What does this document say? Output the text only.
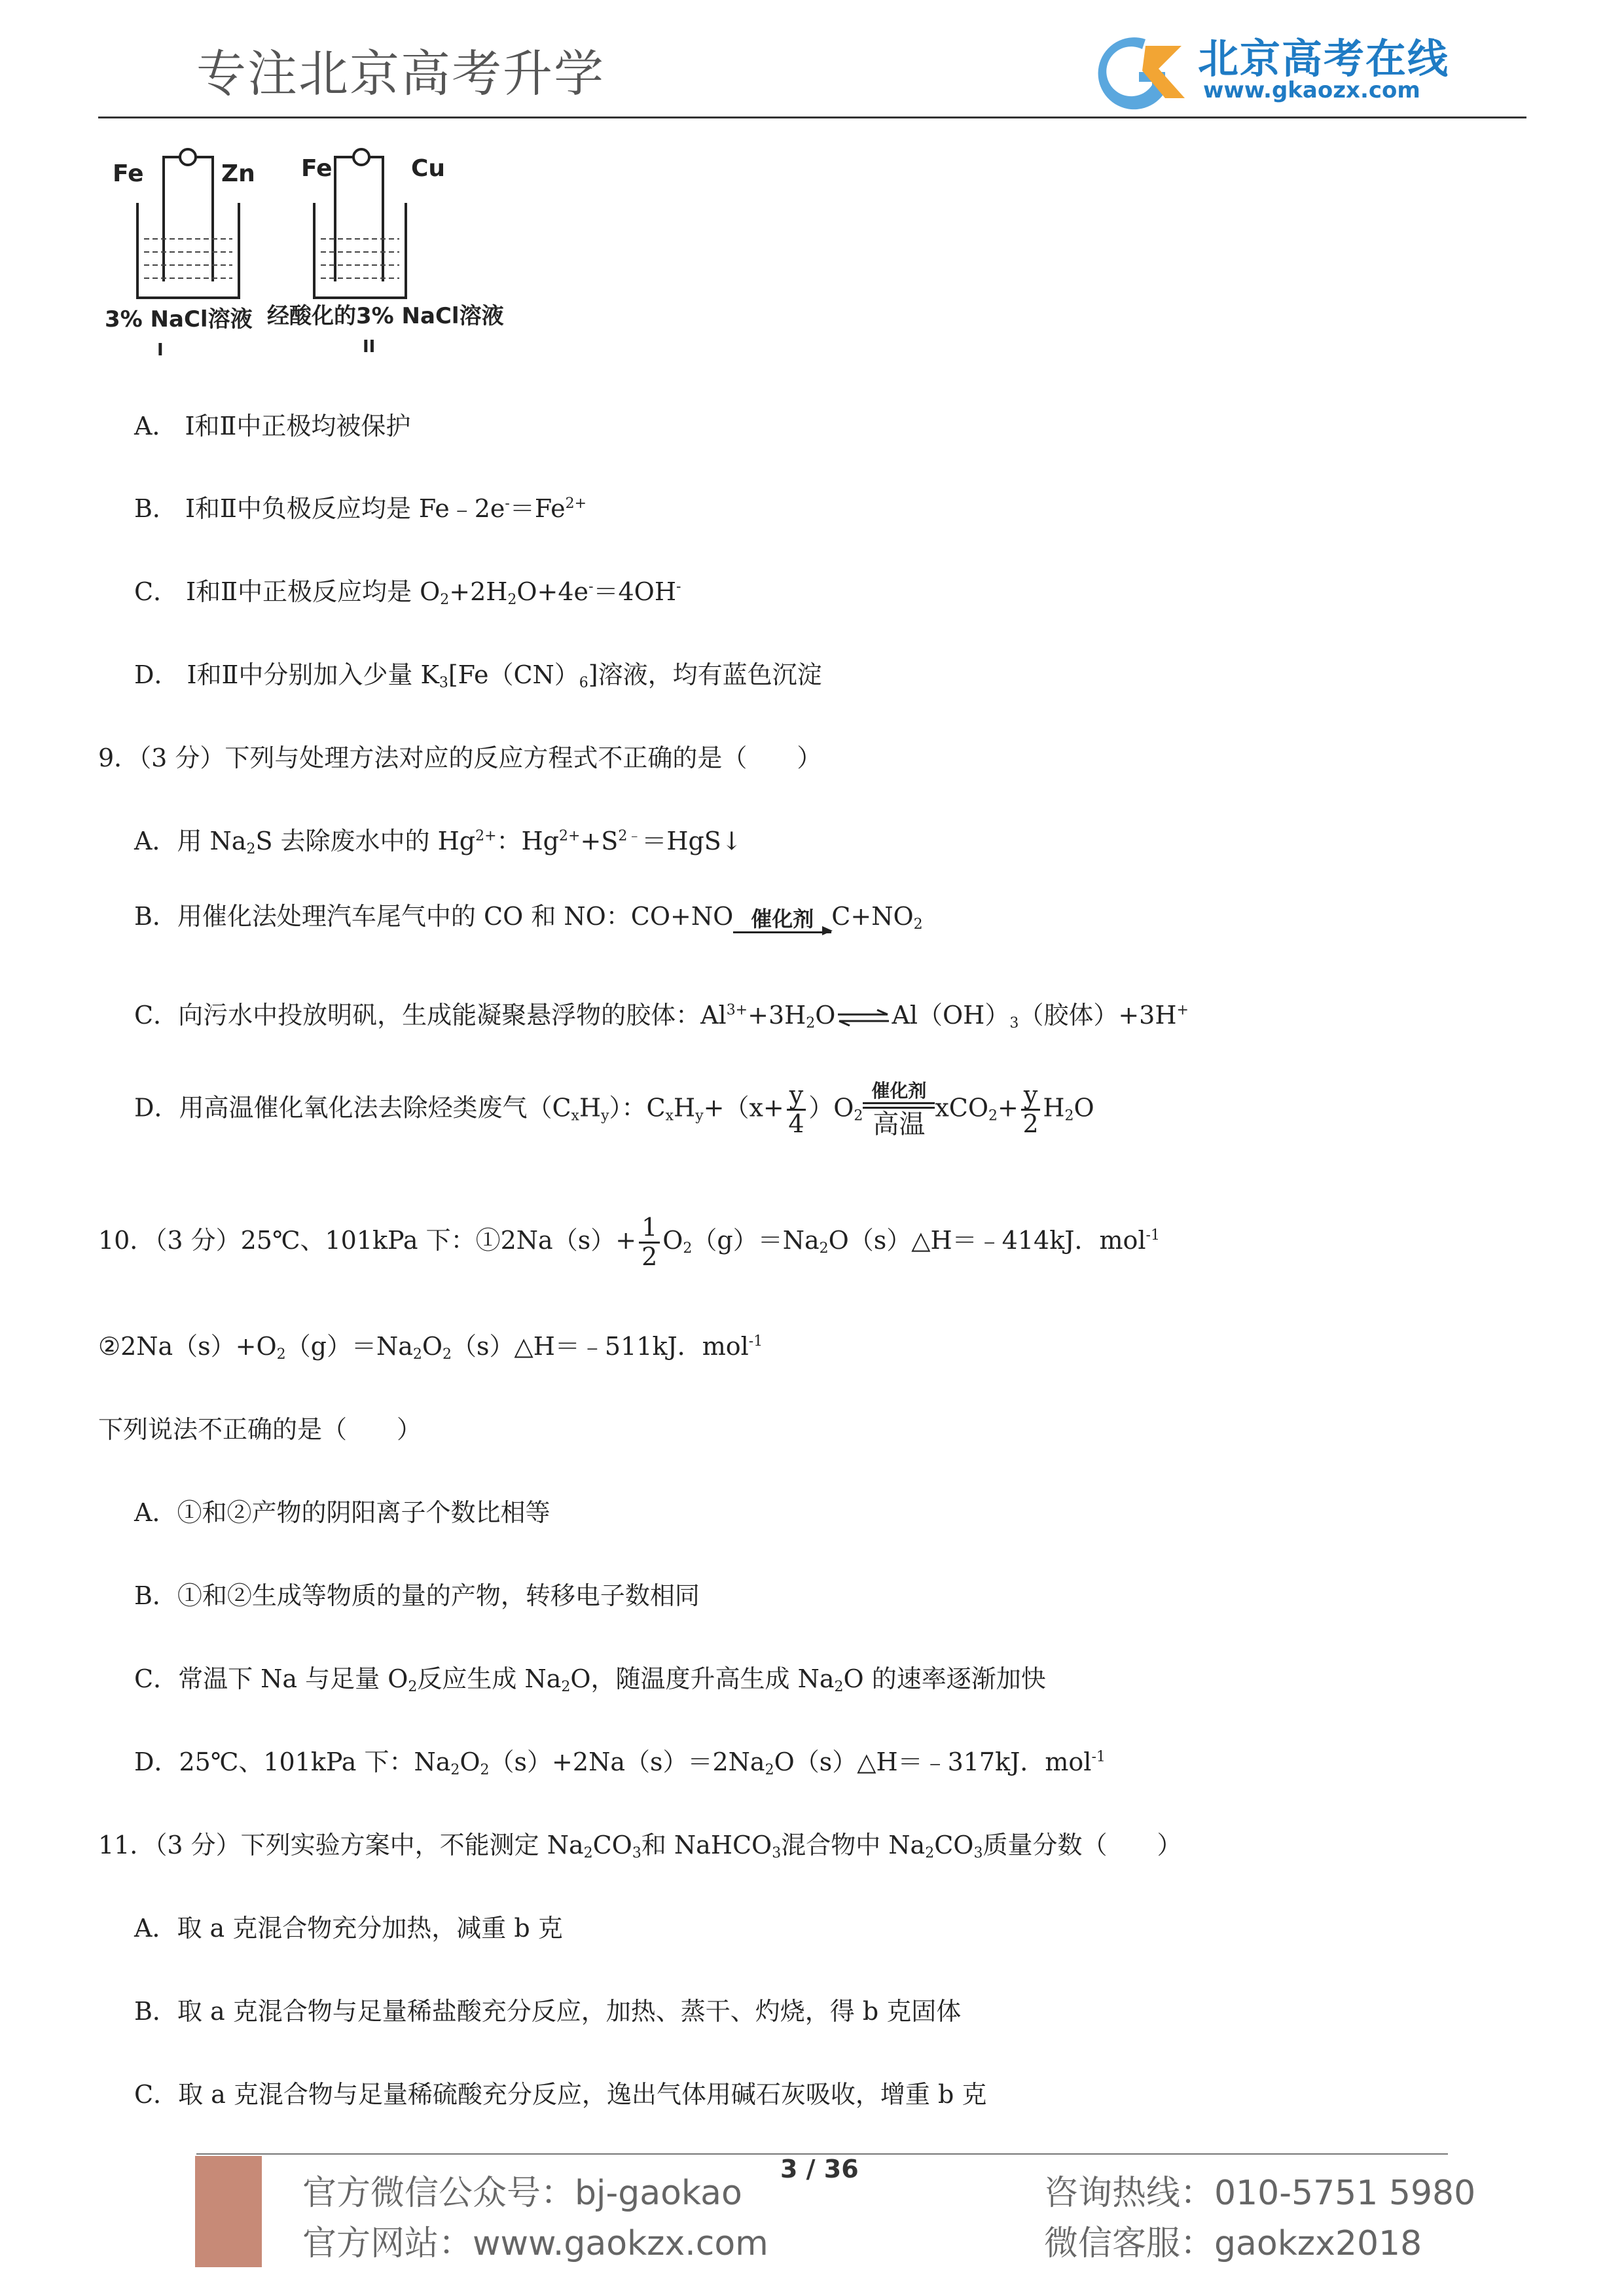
专注北京高考升学	北京高考在线
www.gkaozx.com
Fe	Zn Fe	Cu
3% NaCl溶液 经酸化的3% NaCl溶液
I	II
A． Ⅰ和Ⅱ中正极均被保护
B． Ⅰ和Ⅱ中负极反应均是 $Fe﹣2e^-=Fe^{2+}$
C． Ⅰ和Ⅱ中正极反应均是 $O_2+2H_2O+4e^-=4OH^-$
D． Ⅰ和Ⅱ中分别加入少量 $K_3[Fe(CN)_6]$溶液，均有蓝色沉淀
9．（3 分）下列与处理方法对应的反应方程式不正确的是（　　）
A．用 $Na_2S$ 去除废水中的 $Hg^{2+}$：$Hg^{2+}+S^{2﹣}=HgS↓$
B．用催化法处理汽车尾气中的 CO 和 NO：CO+NO 催化剂 $C+NO_2$
C．向污水中投放明矾，生成能凝聚悬浮物的胶体：$Al^{3+}+3H_2O\rightleftharpoons Al(OH)_3$（胶体）+3H+
D．用高温催化氧化法去除烃类废气$(C_xH_y)$：$C_xH_y+(x+ \frac{y}{4} )O_2$
催化剂
高温
$xCO_2+ \frac{y}{2} H_2O$
10．（3 分）25℃、101kPa 下：①2Na（s）+ $\frac{1}{2}$ $O_2(g)=Na_2O(s)\triangle H=﹣414kJ$．mol$^{-1}$
$②2Na(s)+O_2(g)=Na_2O_2(s)\triangle H=﹣511kJ$．mol$^{-1}$
下列说法不正确的是（　　）
A．①和②产物的阴阳离子个数比相等
B．①和②生成等物质的量的产物，转移电子数相同
C．常温下 Na 与足量 $O_2$反应生成 $Na_2O$，随温度升高生成 $Na_2O$ 的速率逐渐加快
D．25℃、101kPa 下：$Na_2O_2(s)+2Na(s)=2Na_2O(s)\triangle H=﹣317kJ$．mol$^{-1}$
11．（3 分）下列实验方案中，不能测定 $Na_2CO_3$和 NaHCO$_3$混合物中 $Na_2CO_3$质量分数（　　）
A．取 a 克混合物充分加热，减重 b 克
B．取 a 克混合物与足量稀盐酸充分反应，加热、蒸干、灼烧，得 b 克固体
C．取 a 克混合物与足量稀硫酸充分反应，逸出气体用碱石灰吸收，增重 b 克
3 / 36
官方微信公众号：bj-gaokao
官方网站：www.gaokzx.com
咨询热线：010-5751 5980
微信客服：gaokzx2018
